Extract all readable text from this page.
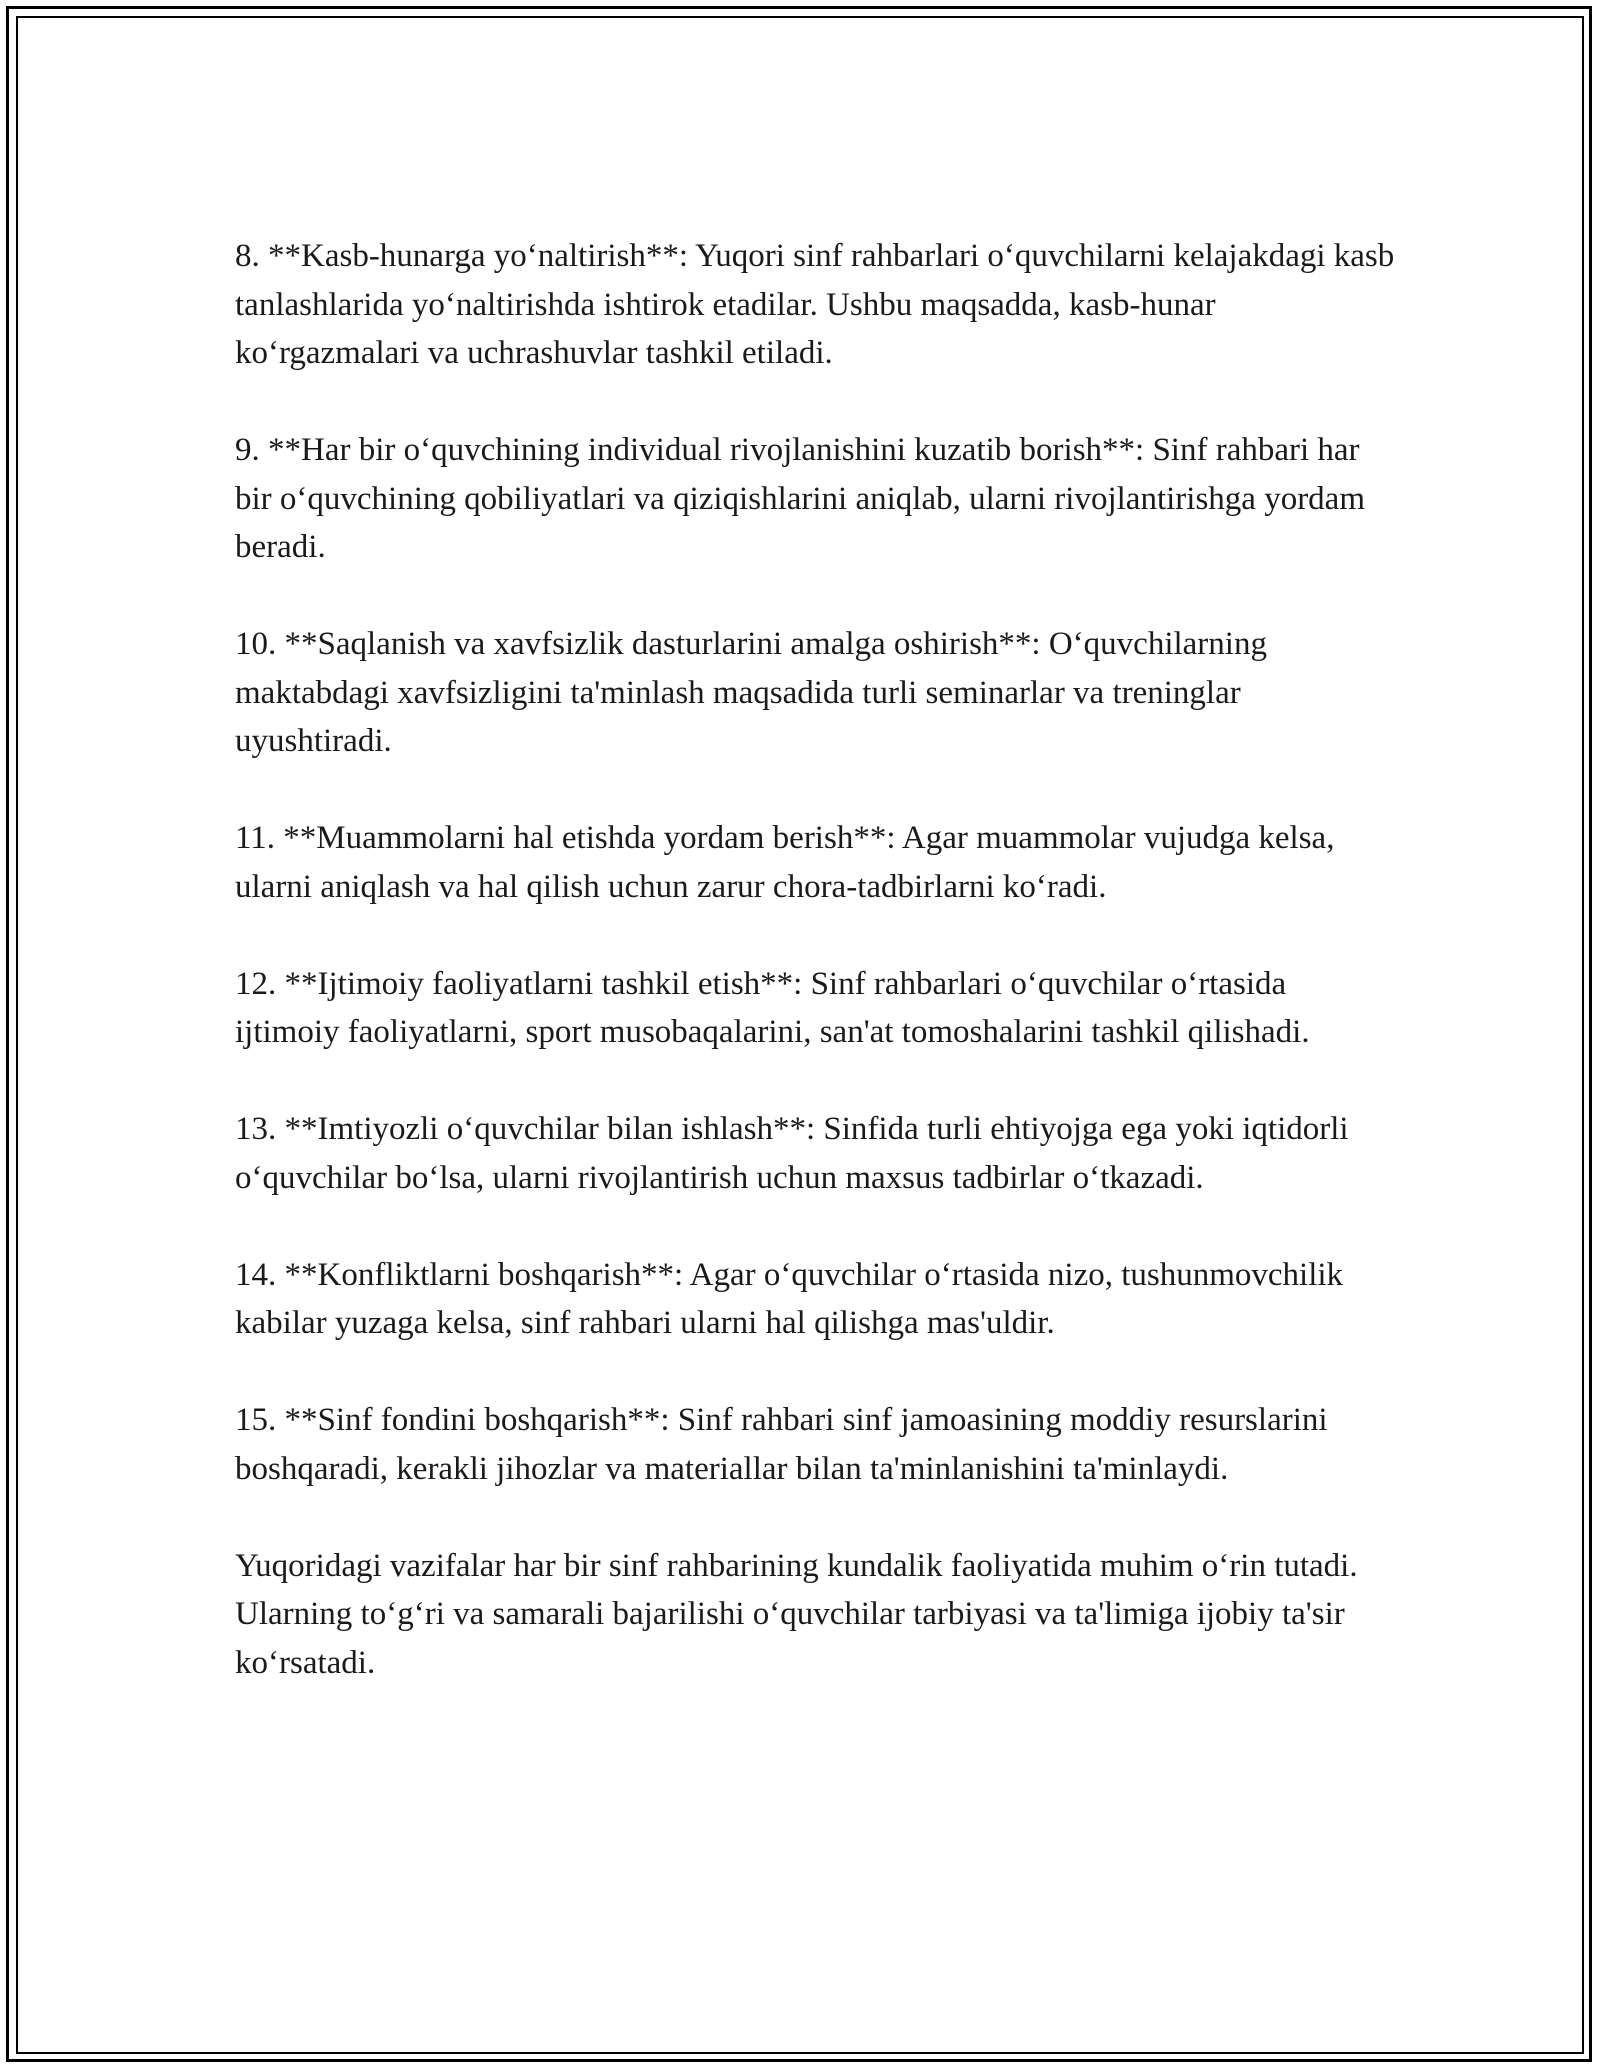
8. **Kasb-hunarga yoʻnaltirish**: Yuqori sinf rahbarlari oʻquvchilarni kelajakdagi kasb tanlashlarida yoʻnaltirishda ishtirok etadilar. Ushbu maqsadda, kasb-hunar koʻrgazmalari va uchrashuvlar tashkil etiladi.

9. **Har bir oʻquvchining individual rivojlanishini kuzatib borish**: Sinf rahbari har bir oʻquvchining qobiliyatlari va qiziqishlarini aniqlab, ularni rivojlantirishga yordam beradi.

10. **Saqlanish va xavfsizlik dasturlarini amalga oshirish**: Oʻquvchilarning maktabdagi xavfsizligini ta'minlash maqsadida turli seminarlar va treninglar uyushtiradi.

11. **Muammolarni hal etishda yordam berish**: Agar muammolar vujudga kelsa, ularni aniqlash va hal qilish uchun zarur chora-tadbirlarni koʻradi.

12. **Ijtimoiy faoliyatlarni tashkil etish**: Sinf rahbarlari oʻquvchilar oʻrtasida ijtimoiy faoliyatlarni, sport musobaqalarini, san'at tomoshalarini tashkil qilishadi.

13. **Imtiyozli oʻquvchilar bilan ishlash**: Sinfida turli ehtiyojga ega yoki iqtidorli oʻquvchilar boʻlsa, ularni rivojlantirish uchun maxsus tadbirlar oʻtkazadi.

14. **Konfliktlarni boshqarish**: Agar oʻquvchilar oʻrtasida nizo, tushunmovchilik kabilar yuzaga kelsa, sinf rahbari ularni hal qilishga mas'uldir.

15. **Sinf fondini boshqarish**: Sinf rahbari sinf jamoasining moddiy resurslarini boshqaradi, kerakli jihozlar va materiallar bilan ta'minlanishini ta'minlaydi.

Yuqoridagi vazifalar har bir sinf rahbarining kundalik faoliyatida muhim oʻrin tutadi. Ularning toʻgʻri va samarali bajarilishi oʻquvchilar tarbiyasi va ta'limiga ijobiy ta'sir koʻrsatadi.
